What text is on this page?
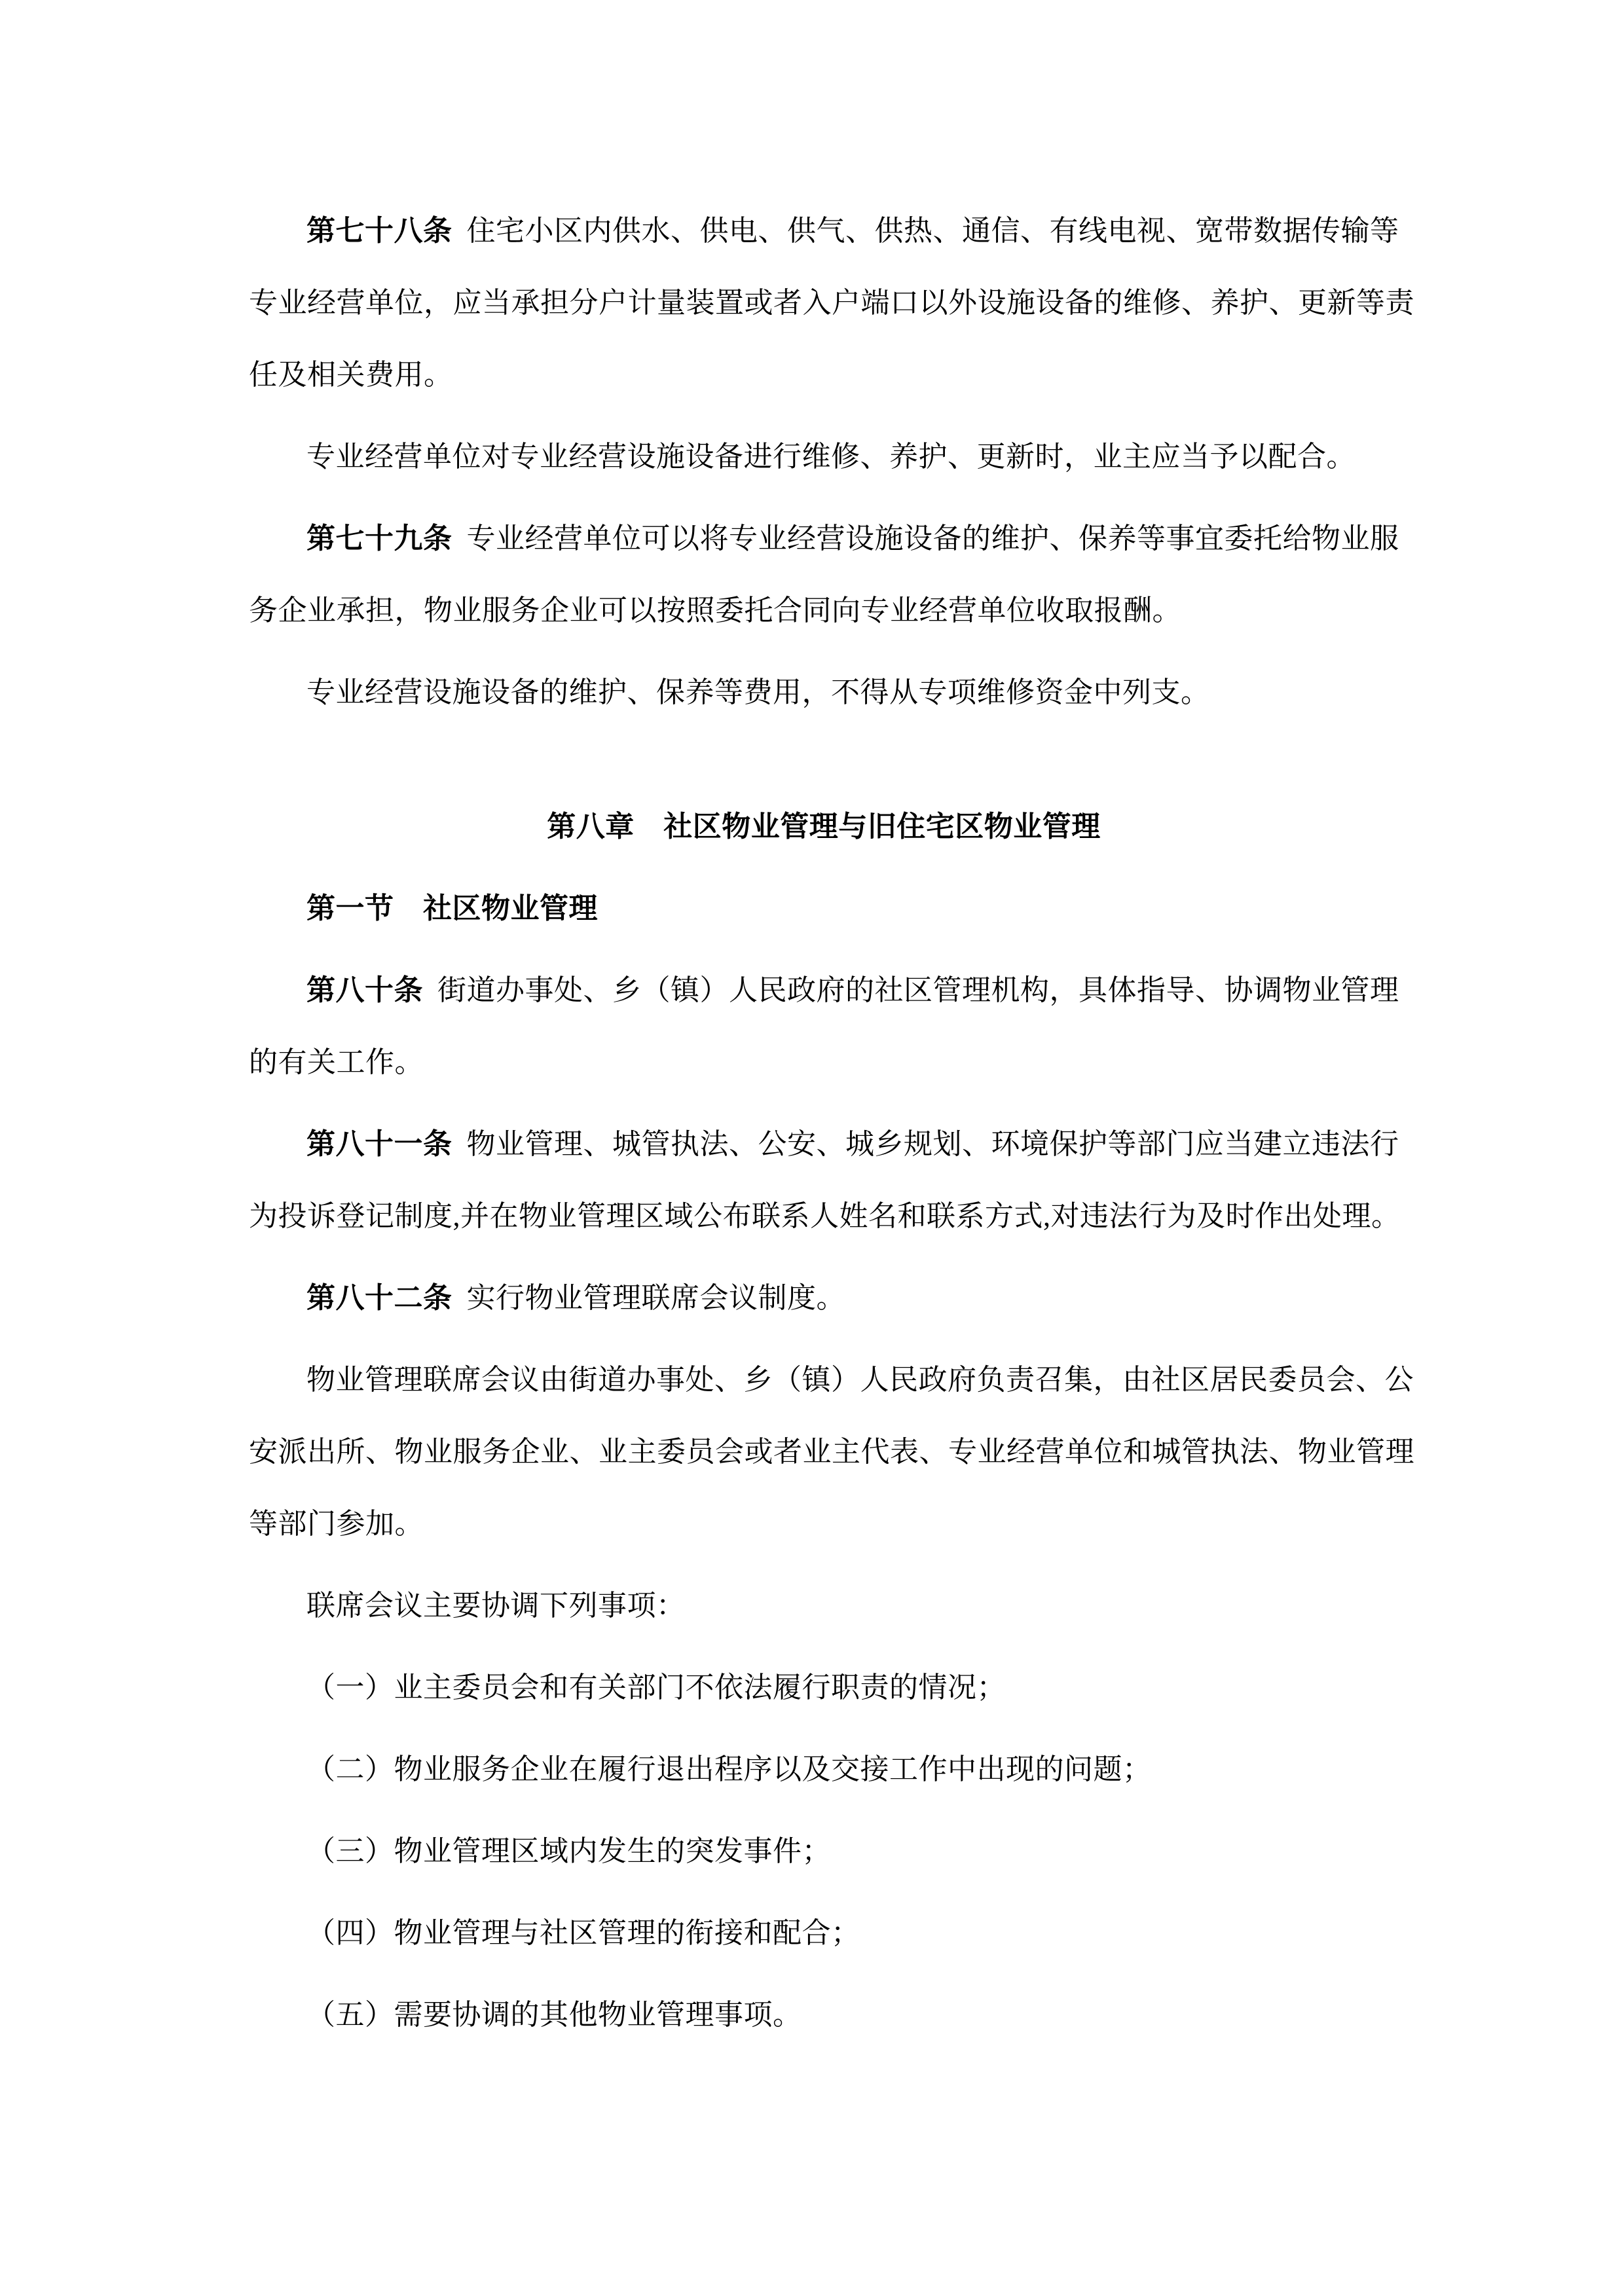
第七十八条 住宅小区内供水、供电、供气、供热、通信、有线电视、宽带数据传输等
专业经营单位，应当承担分户计量装置或者入户端口以外设施设备的维修、养护、更新等责
任及相关费用。
专业经营单位对专业经营设施设备进行维修、养护、更新时，业主应当予以配合。
第七十九条 专业经营单位可以将专业经营设施设备的维护、保养等事宜委托给物业服
务企业承担，物业服务企业可以按照委托合同向专业经营单位收取报酬。
专业经营设施设备的维护、保养等费用，不得从专项维修资金中列支。
第八章　社区物业管理与旧住宅区物业管理
第一节　社区物业管理
第八十条 街道办事处、乡（镇）人民政府的社区管理机构，具体指导、协调物业管理
的有关工作。
第八十一条 物业管理、城管执法、公安、城乡规划、环境保护等部门应当建立违法行
为投诉登记制度,并在物业管理区域公布联系人姓名和联系方式,对违法行为及时作出处理。
第八十二条 实行物业管理联席会议制度。
物业管理联席会议由街道办事处、乡（镇）人民政府负责召集，由社区居民委员会、公
安派出所、物业服务企业、业主委员会或者业主代表、专业经营单位和城管执法、物业管理
等部门参加。
联席会议主要协调下列事项：
（一）业主委员会和有关部门不依法履行职责的情况；
（二）物业服务企业在履行退出程序以及交接工作中出现的问题；
（三）物业管理区域内发生的突发事件；
（四）物业管理与社区管理的衔接和配合；
（五）需要协调的其他物业管理事项。
